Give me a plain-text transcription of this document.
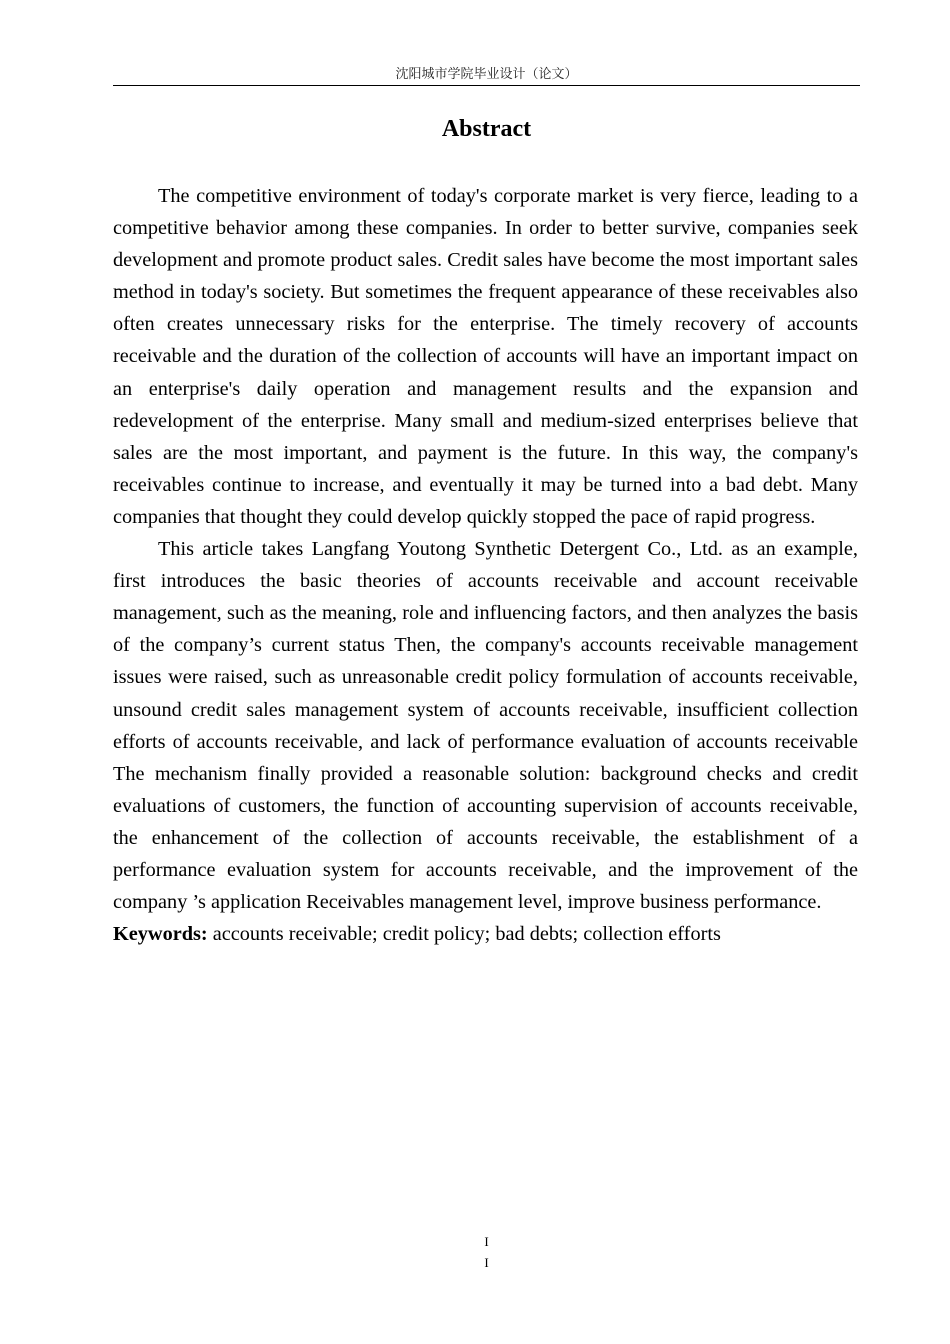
沈阳城市学院毕业设计（论文）
Abstract

The competitive environment of today's corporate market is very fierce, leading to a competitive behavior among these companies. In order to better survive, companies seek development and promote product sales. Credit sales have become the most important sales method in today's society. But sometimes the frequent appearance of these receivables also often creates unnecessary risks for the enterprise. The timely recovery of accounts receivable and the duration of the collection of accounts will have an important impact on an enterprise's daily operation and management results and the expansion and redevelopment of the enterprise. Many small and medium-sized enterprises believe that sales are the most important, and payment is the future. In this way, the company's receivables continue to increase, and eventually it may be turned into a bad debt. Many companies that thought they could develop quickly stopped the pace of rapid progress.

This article takes Langfang Youtong Synthetic Detergent Co., Ltd. as an example, first introduces the basic theories of accounts receivable and account receivable management, such as the meaning, role and influencing factors, and then analyzes the basis of the company’s current status Then, the company's accounts receivable management issues were raised, such as unreasonable credit policy formulation of accounts receivable, unsound credit sales management system of accounts receivable, insufficient collection efforts of accounts receivable, and lack of performance evaluation of accounts receivable The mechanism finally provided a reasonable solution: background checks and credit evaluations of customers, the function of accounting supervision of accounts receivable, the enhancement of the collection of accounts receivable, the establishment of a performance evaluation system for accounts receivable, and the improvement of the company ’s application Receivables management level, improve business performance.

Keywords: accounts receivable; credit policy; bad debts; collection efforts

I
I
